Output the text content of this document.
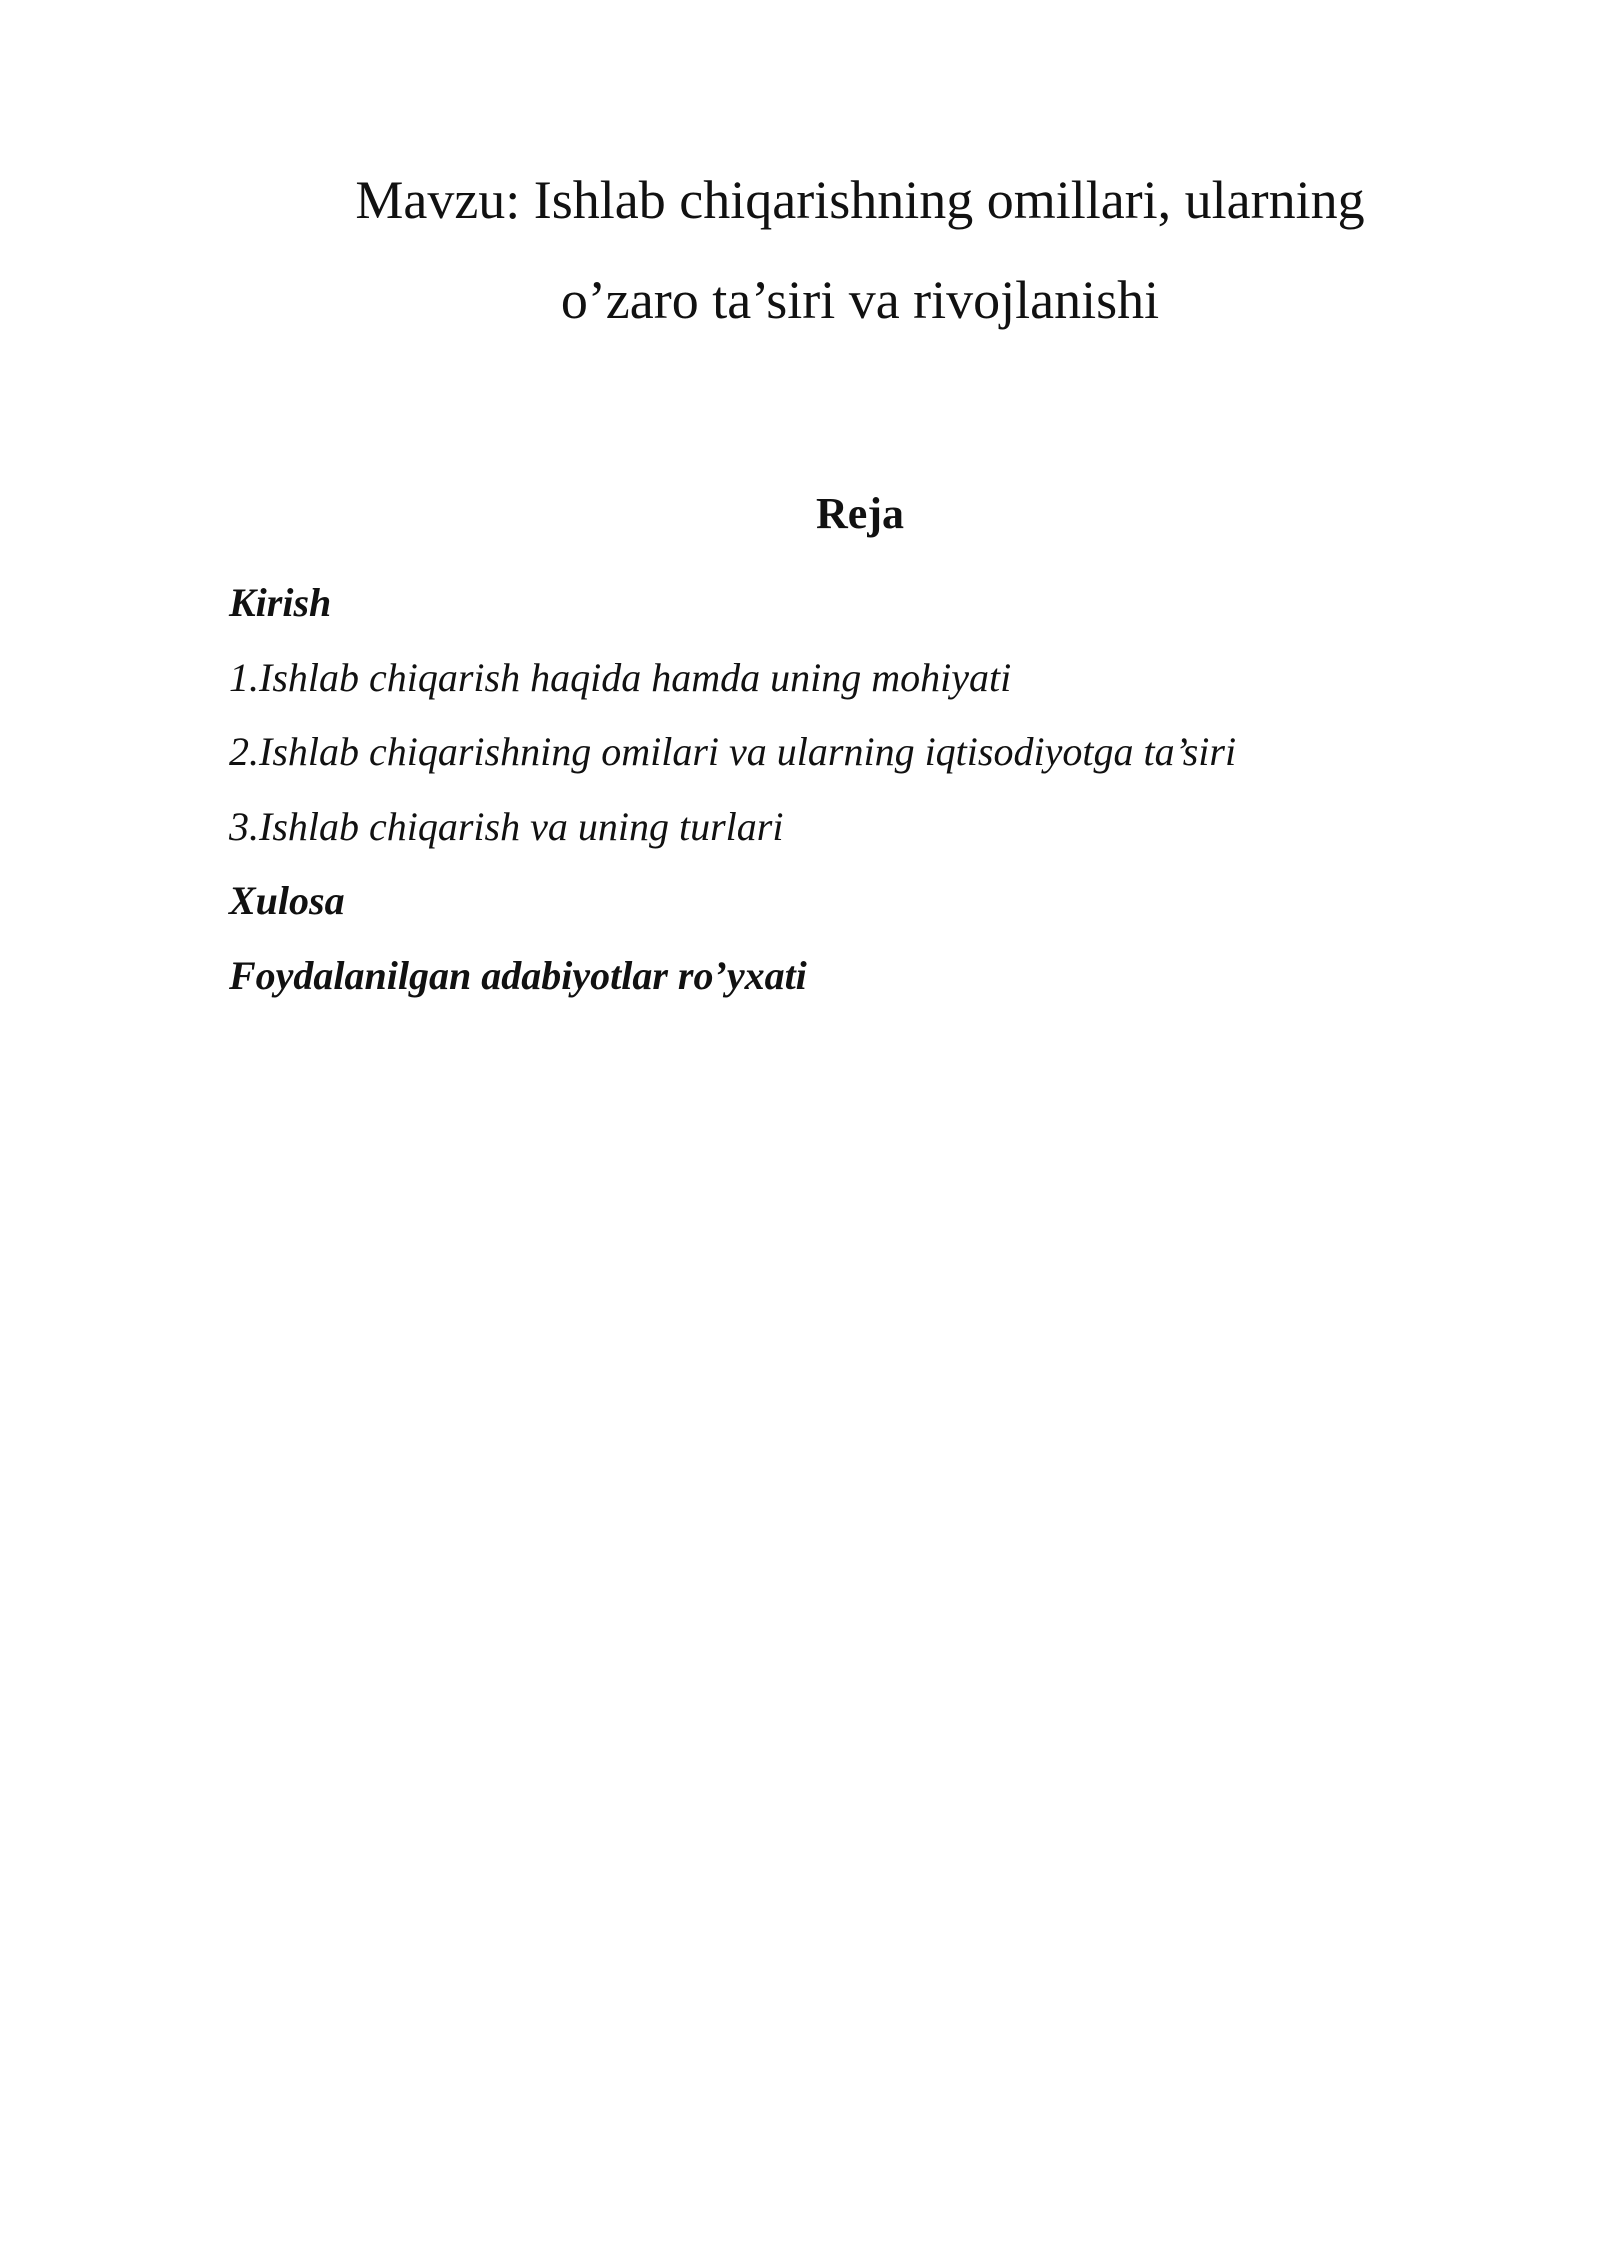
Mavzu: Ishlab chiqarishning omillari, ularning
o’zaro ta’siri va rivojlanishi
Reja
Kirish
1.Ishlab chiqarish haqida hamda uning mohiyati
2.Ishlab chiqarishning omilari va ularning iqtisodiyotga ta’siri
3.Ishlab chiqarish va uning turlari
Xulosa
Foydalanilgan adabiyotlar ro’yxati
